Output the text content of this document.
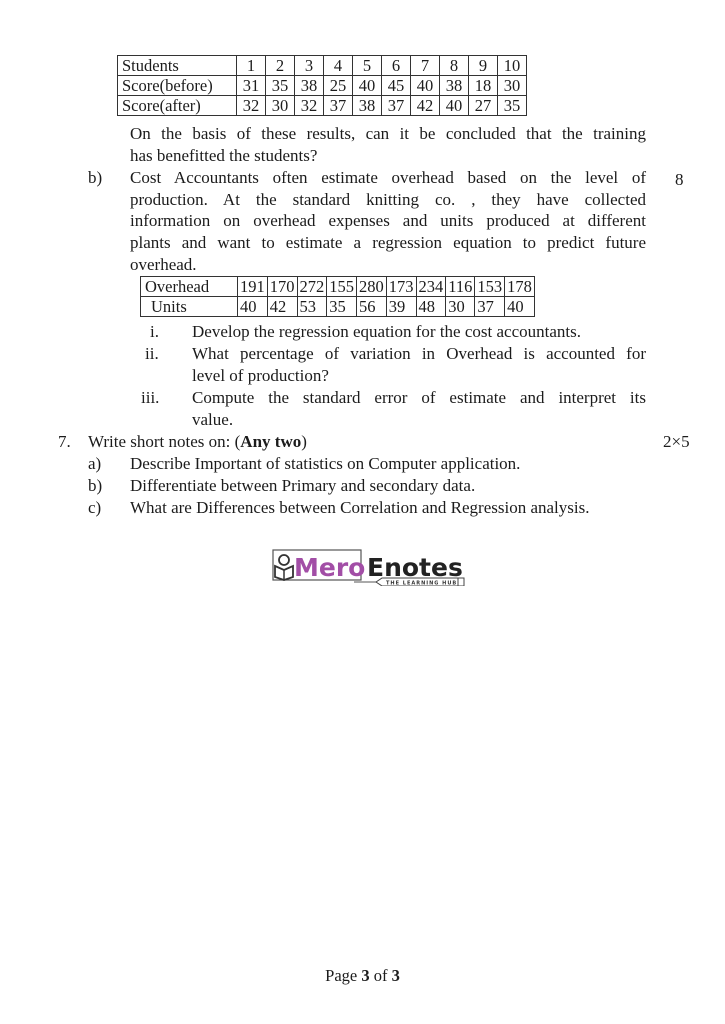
Students	1	2	3	4	5	6	7	8	9	10
Score(before)	31	35	38	25	40	45	40	38	18	30
Score(after)	32	30	32	37	38	37	42	40	27	35
On the basis of these results, can it be concluded that the training
has benefitted the students?
b)	8
Cost Accountants often estimate overhead based on the level of
production. At the standard knitting co. , they have collected
information on overhead expenses and units produced at different
plants and want to estimate a regression equation to predict future
overhead.
Overhead	191	170	272	155	280	173	234	116	153	178
Units	40	42	53	35	56	39	48	30	37	40
i. Develop the regression equation for the cost accountants.
ii. What percentage of variation in Overhead is accounted for
level of production?
iii. Compute the standard error of estimate and interpret its
value.
7. Write short notes on: (Any two)	2×5
a) Describe Important of statistics on Computer application.
b) Differentiate between Primary and secondary data.
c) What are Differences between Correlation and Regression analysis.
Mero Enotes
THE LEARNING HUB
Page 3 of 3
